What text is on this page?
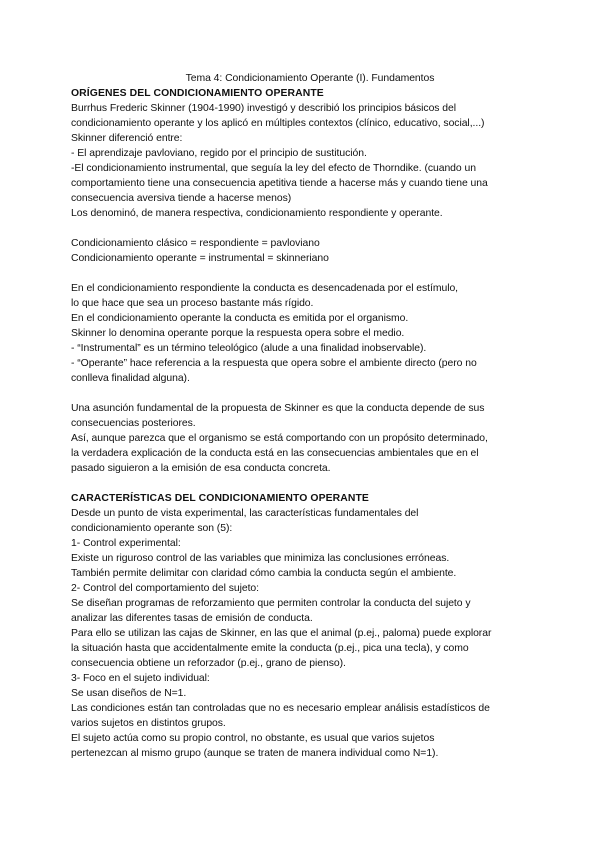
Tema 4: Condicionamiento Operante (I). Fundamentos
ORÍGENES DEL CONDICIONAMIENTO OPERANTE
Burrhus Frederic Skinner (1904-1990) investigó y describió los principios básicos del
condicionamiento operante y los aplicó en múltiples contextos (clínico, educativo, social,...)
Skinner diferenció entre:
- El aprendizaje pavloviano, regido por el principio de sustitución.
-El condicionamiento instrumental, que seguía la ley del efecto de Thorndike. (cuando un
comportamiento tiene una consecuencia apetitiva tiende a hacerse más y cuando tiene una
consecuencia aversiva tiende a hacerse menos)
Los denominó, de manera respectiva, condicionamiento respondiente y operante.
Condicionamiento clásico = respondiente = pavloviano
Condicionamiento operante = instrumental = skinneriano
En el condicionamiento respondiente la conducta es desencadenada por el estímulo,
lo que hace que sea un proceso bastante más rígido.
En el condicionamiento operante la conducta es emitida por el organismo.
Skinner lo denomina operante porque la respuesta opera sobre el medio.
- “Instrumental” es un término teleológico (alude a una finalidad inobservable).
- “Operante” hace referencia a la respuesta que opera sobre el ambiente directo (pero no
conlleva finalidad alguna).
Una asunción fundamental de la propuesta de Skinner es que la conducta depende de sus
consecuencias posteriores.
Así, aunque parezca que el organismo se está comportando con un propósito determinado,
la verdadera explicación de la conducta está en las consecuencias ambientales que en el
pasado siguieron a la emisión de esa conducta concreta.
CARACTERÍSTICAS DEL CONDICIONAMIENTO OPERANTE
Desde un punto de vista experimental, las características fundamentales del
condicionamiento operante son (5):
1- Control experimental:
Existe un riguroso control de las variables que minimiza las conclusiones erróneas.
También permite delimitar con claridad cómo cambia la conducta según el ambiente.
2- Control del comportamiento del sujeto:
Se diseñan programas de reforzamiento que permiten controlar la conducta del sujeto y
analizar las diferentes tasas de emisión de conducta.
Para ello se utilizan las cajas de Skinner, en las que el animal (p.ej., paloma) puede explorar
la situación hasta que accidentalmente emite la conducta (p.ej., pica una tecla), y como
consecuencia obtiene un reforzador (p.ej., grano de pienso).
3- Foco en el sujeto individual:
Se usan diseños de N=1.
Las condiciones están tan controladas que no es necesario emplear análisis estadísticos de
varios sujetos en distintos grupos.
El sujeto actúa como su propio control, no obstante, es usual que varios sujetos
pertenezcan al mismo grupo (aunque se traten de manera individual como N=1).
